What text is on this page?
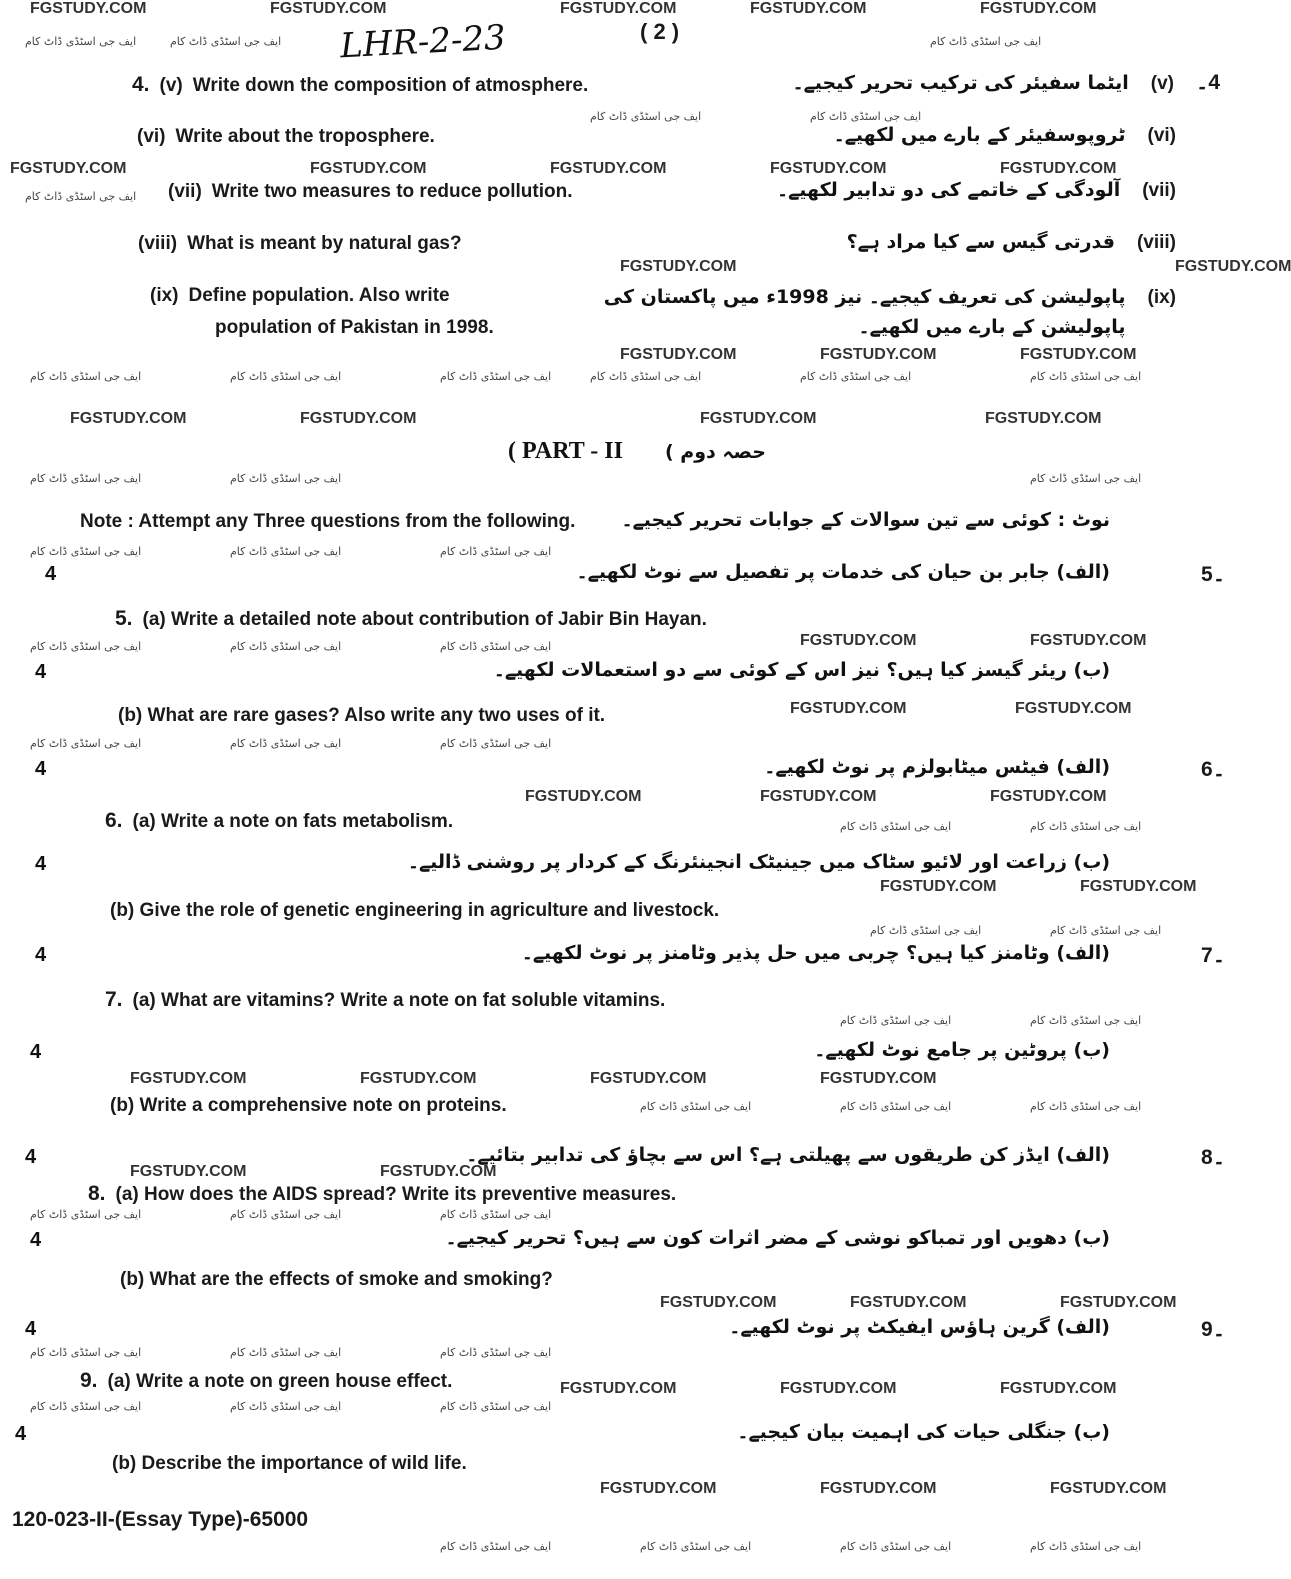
FGSTUDY.COM	FGSTUDY.COM	FGSTUDY.COM	FGSTUDY.COM	FGSTUDY.COM
FGSTUDY.COM	FGSTUDY.COM	FGSTUDY.COM	FGSTUDY.COM	FGSTUDY.COM
FGSTUDY.COM	FGSTUDY.COM
FGSTUDY.COM	FGSTUDY.COM	FGSTUDY.COM
FGSTUDY.COM	FGSTUDY.COM	FGSTUDY.COM	FGSTUDY.COM
FGSTUDY.COM	FGSTUDY.COM
FGSTUDY.COM	FGSTUDY.COM
FGSTUDY.COM	FGSTUDY.COM	FGSTUDY.COM
FGSTUDY.COM	FGSTUDY.COM
FGSTUDY.COM	FGSTUDY.COM	FGSTUDY.COM	FGSTUDY.COM
FGSTUDY.COM	FGSTUDY.COM
FGSTUDY.COM	FGSTUDY.COM	FGSTUDY.COM
FGSTUDY.COM	FGSTUDY.COM	FGSTUDY.COM
FGSTUDY.COM	FGSTUDY.COM	FGSTUDY.COM
ایف جی اسٹڈی ڈاٹ کام	ایف جی اسٹڈی ڈاٹ کام	ایف جی اسٹڈی ڈاٹ کام
ایف جی اسٹڈی ڈاٹ کام
ایف جی اسٹڈی ڈاٹ کام
ایف جی اسٹڈی ڈاٹ کام
ایف جی اسٹڈی ڈاٹ کام	ایف جی اسٹڈی ڈاٹ کام	ایف جی اسٹڈی ڈاٹ کام	ایف جی اسٹڈی ڈاٹ کام	ایف جی اسٹڈی ڈاٹ کام	ایف جی اسٹڈی ڈاٹ کام
ایف جی اسٹڈی ڈاٹ کام	ایف جی اسٹڈی ڈاٹ کام	ایف جی اسٹڈی ڈاٹ کام
ایف جی اسٹڈی ڈاٹ کام	ایف جی اسٹڈی ڈاٹ کام	ایف جی اسٹڈی ڈاٹ کام
ایف جی اسٹڈی ڈاٹ کام	ایف جی اسٹڈی ڈاٹ کام	ایف جی اسٹڈی ڈاٹ کام
ایف جی اسٹڈی ڈاٹ کام	ایف جی اسٹڈی ڈاٹ کام	ایف جی اسٹڈی ڈاٹ کام
ایف جی اسٹڈی ڈاٹ کام	ایف جی اسٹڈی ڈاٹ کام
ایف جی اسٹڈی ڈاٹ کام	ایف جی اسٹڈی ڈاٹ کام
ایف جی اسٹڈی ڈاٹ کام	ایف جی اسٹڈی ڈاٹ کام
ایف جی اسٹڈی ڈاٹ کام	ایف جی اسٹڈی ڈاٹ کام
ایف جی اسٹڈی ڈاٹ کام
ایف جی اسٹڈی ڈاٹ کام	ایف جی اسٹڈی ڈاٹ کام	ایف جی اسٹڈی ڈاٹ کام
ایف جی اسٹڈی ڈاٹ کام	ایف جی اسٹڈی ڈاٹ کام	ایف جی اسٹڈی ڈاٹ کام
ایف جی اسٹڈی ڈاٹ کام	ایف جی اسٹڈی ڈاٹ کام	ایف جی اسٹڈی ڈاٹ کام
ایف جی اسٹڈی ڈاٹ کام	ایف جی اسٹڈی ڈاٹ کام	ایف جی اسٹڈی ڈاٹ کام	ایف جی اسٹڈی ڈاٹ کام
LHR-2-23	( 2 )
4. (v) Write down the composition of atmosphere.	4۔
(v)
ایٹما سفیئر کی ترکیب تحریر کیجیے۔
(vi) Write about the troposphere.	(vi)
ٹروپوسفیئر کے بارے میں لکھیے۔
(vii) Write two measures to reduce pollution.	(vii)
آلودگی کے خاتمے کی دو تدابیر لکھیے۔
(viii) What is meant by natural gas?	(viii)
قدرتی گیس سے کیا مراد ہے؟
(ix) Define population. Also write
population of Pakistan in 1998.
(ix)
پاپولیشن کی تعریف کیجیے۔ نیز 1998ء میں پاکستان کی پاپولیشن کے بارے میں لکھیے۔
( PART - II حصہ دوم )
Note : Attempt any Three questions from the following. نوٹ : کوئی سے تین سوالات کے جوابات تحریر کیجیے۔
(الف) جابر بن حیان کی خدمات پر تفصیل سے نوٹ لکھیے۔
4	5۔
5. (a) Write a detailed note about contribution of Jabir Bin Hayan.
(ب) ریئر گیسز کیا ہیں؟ نیز اس کے کوئی سے دو استعمالات لکھیے۔
4
(b) What are rare gases? Also write any two uses of it.
(الف) فیٹس میٹابولزم پر نوٹ لکھیے۔
4	6۔
6. (a) Write a note on fats metabolism.
(ب) زراعت اور لائیو سٹاک میں جینیٹک انجینئرنگ کے کردار پر روشنی ڈالیے۔
4
(b) Give the role of genetic engineering in agriculture and livestock.
(الف) وٹامنز کیا ہیں؟ چربی میں حل پذیر وٹامنز پر نوٹ لکھیے۔
4	7۔
7. (a) What are vitamins? Write a note on fat soluble vitamins.
(ب) پروٹین پر جامع نوٹ لکھیے۔
4
(b) Write a comprehensive note on proteins.
(الف) ایڈز کن طریقوں سے پھیلتی ہے؟ اس سے بچاؤ کی تدابیر بتائیے۔
4	8۔
8. (a) How does the AIDS spread? Write its preventive measures.
(ب) دھویں اور تمباکو نوشی کے مضر اثرات کون سے ہیں؟ تحریر کیجیے۔
4
(b) What are the effects of smoke and smoking?
(الف) گرین ہاؤس ایفیکٹ پر نوٹ لکھیے۔
4	9۔
9. (a) Write a note on green house effect.
(ب) جنگلی حیات کی اہمیت بیان کیجیے۔
4
(b) Describe the importance of wild life.
120-023-II-(Essay Type)-65000
